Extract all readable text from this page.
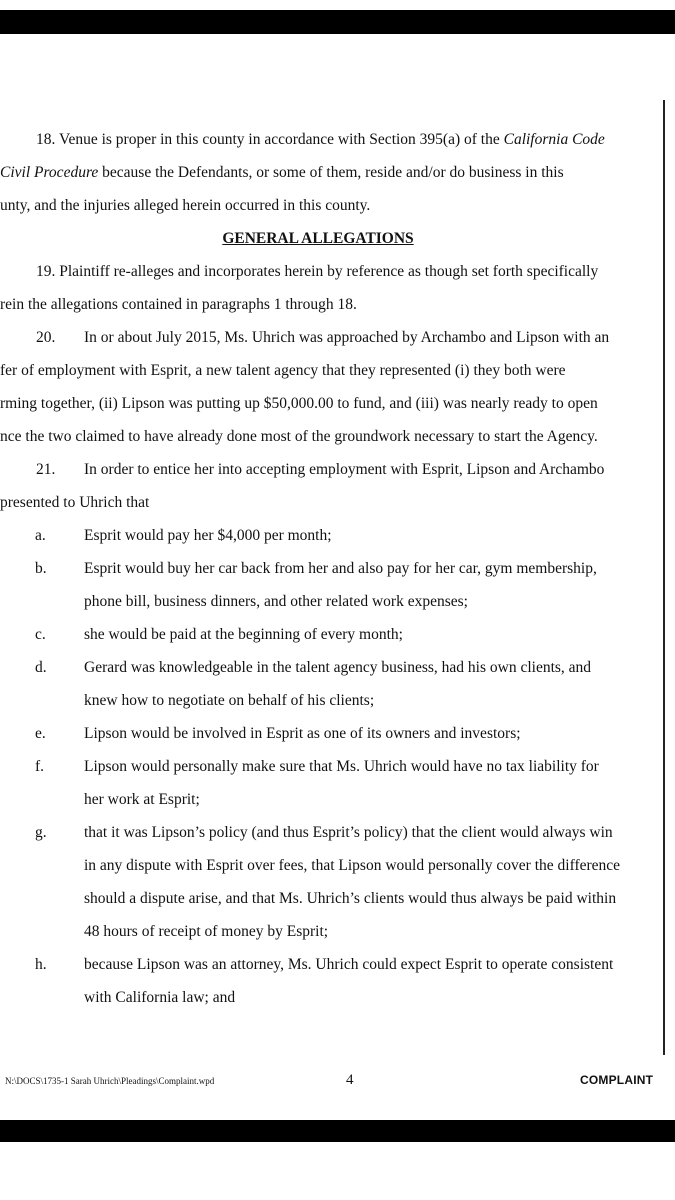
18. Venue is proper in this county in accordance with Section 395(a) of the California Code
Civil Procedure because the Defendants, or some of them, reside and/or do business in this
unty, and the injuries alleged herein occurred in this county.
GENERAL ALLEGATIONS
19. Plaintiff re-alleges and incorporates herein by reference as though set forth specifically
rein the allegations contained in paragraphs 1 through 18.
20. In or about July 2015, Ms. Uhrich was approached by Archambo and Lipson with an
fer of employment with Esprit, a new talent agency that they represented (i) they both were
rming together, (ii) Lipson was putting up $50,000.00 to fund, and (iii) was nearly ready to open
nce the two claimed to have already done most of the groundwork necessary to start the Agency.
21. In order to entice her into accepting employment with Esprit, Lipson and Archambo
presented to Uhrich that
a. Esprit would pay her $4,000 per month;
b. Esprit would buy her car back from her and also pay for her car, gym membership,
phone bill, business dinners, and other related work expenses;
c. she would be paid at the beginning of every month;
d. Gerard was knowledgeable in the talent agency business, had his own clients, and
knew how to negotiate on behalf of his clients;
e. Lipson would be involved in Esprit as one of its owners and investors;
f.	Lipson would personally make sure that Ms. Uhrich would have no tax liability for
her work at Esprit;
g. that it was Lipson’s policy (and thus Esprit’s policy) that the client would always win
in any dispute with Esprit over fees, that Lipson would personally cover the difference
should a dispute arise, and that Ms. Uhrich’s clients would thus always be paid within
48 hours of receipt of money by Esprit;
h. because Lipson was an attorney, Ms. Uhrich could expect Esprit to operate consistent
with California law; and
N:\DOCS\1735-1 Sarah Uhrich\Pleadings\Complaint.wpd	4	COMPLAINT
